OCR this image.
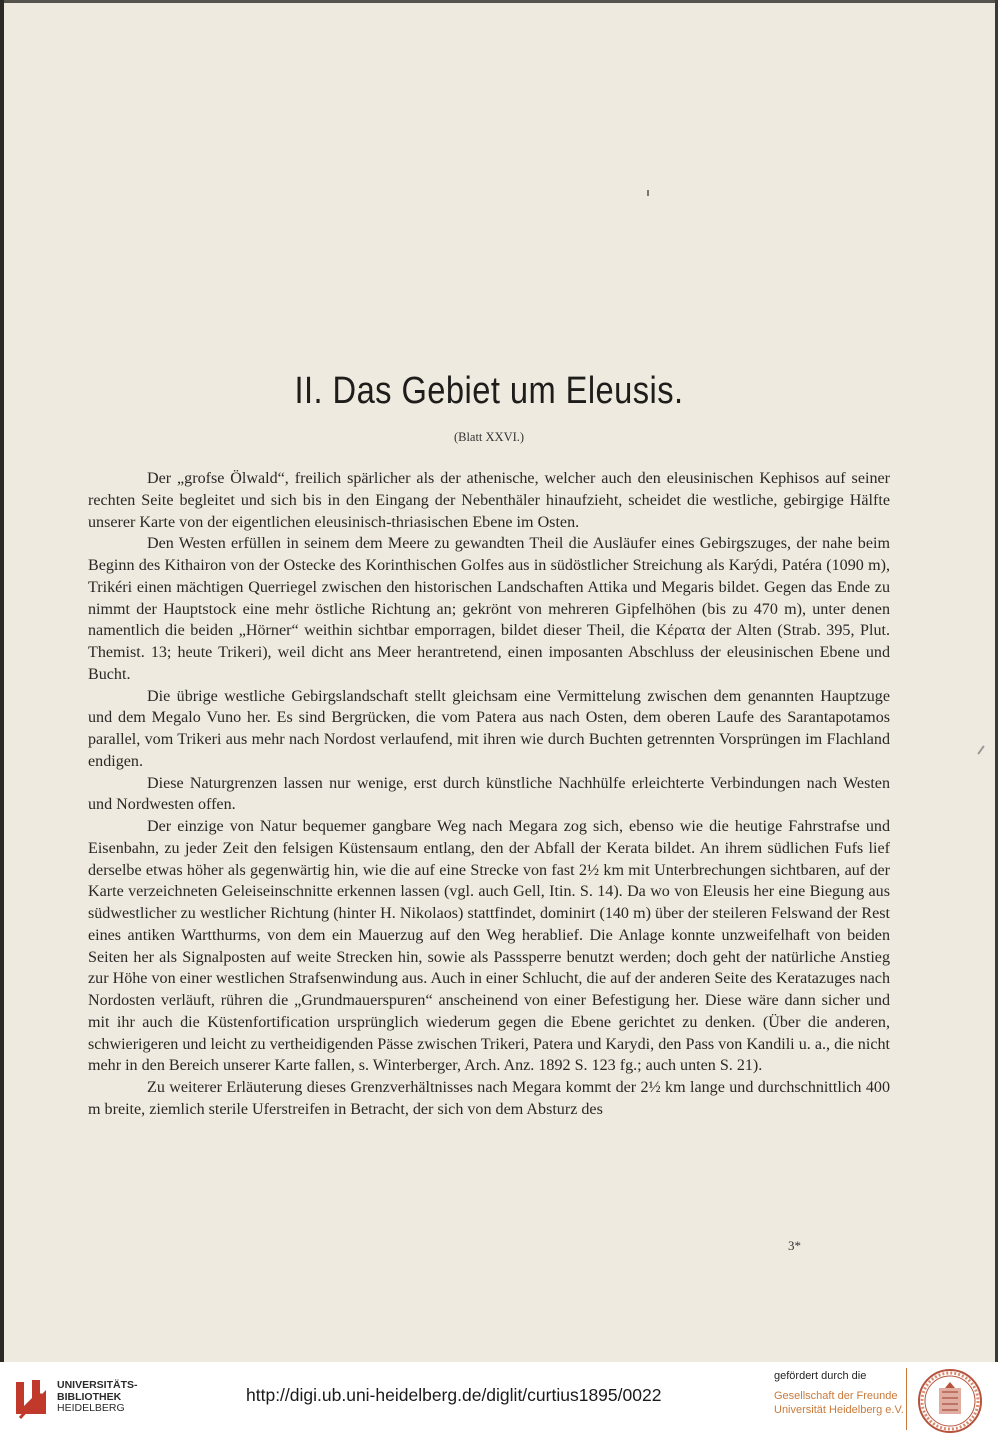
II. Das Gebiet um Eleusis.
(Blatt XXVI.)

Der „grofse Ölwald“, freilich spärlicher als der athenische, welcher auch den eleusinischen Kephisos auf seiner rechten Seite begleitet und sich bis in den Eingang der Nebenthäler hinaufzieht, scheidet die westliche, gebirgige Hälfte unserer Karte von der eigentlichen eleusinisch-thriasischen Ebene im Osten.

Den Westen erfüllen in seinem dem Meere zu gewandten Theil die Ausläufer eines Gebirgszuges, der nahe beim Beginn des Kithairon von der Ostecke des Korinthischen Golfes aus in südöstlicher Streichung als Karýdi, Patéra (1090 m), Trikéri einen mächtigen Querriegel zwischen den historischen Landschaften Attika und Megaris bildet. Gegen das Ende zu nimmt der Hauptstock eine mehr östliche Richtung an; gekrönt von mehreren Gipfelhöhen (bis zu 470 m), unter denen namentlich die beiden „Hörner“ weithin sichtbar emporragen, bildet dieser Theil, die Κέρατα der Alten (Strab. 395, Plut. Themist. 13; heute Trikeri), weil dicht ans Meer herantretend, einen imposanten Abschluss der eleusinischen Ebene und Bucht.

Die übrige westliche Gebirgslandschaft stellt gleichsam eine Vermittelung zwischen dem genannten Hauptzuge und dem Megalo Vuno her. Es sind Bergrücken, die vom Patera aus nach Osten, dem oberen Laufe des Sarantapotamos parallel, vom Trikeri aus mehr nach Nordost verlaufend, mit ihren wie durch Buchten getrennten Vorsprüngen im Flachland endigen.

Diese Naturgrenzen lassen nur wenige, erst durch künstliche Nachhülfe erleichterte Verbindungen nach Westen und Nordwesten offen.

Der einzige von Natur bequemer gangbare Weg nach Megara zog sich, ebenso wie die heutige Fahrstrafse und Eisenbahn, zu jeder Zeit den felsigen Küstensaum entlang, den der Abfall der Kerata bildet. An ihrem südlichen Fufs lief derselbe etwas höher als gegenwärtig hin, wie die auf eine Strecke von fast 2½ km mit Unterbrechungen sichtbaren, auf der Karte verzeichneten Geleiseinschnitte erkennen lassen (vgl. auch Gell, Itin. S. 14). Da wo von Eleusis her eine Biegung aus südwestlicher zu westlicher Richtung (hinter H. Nikolaos) stattfindet, dominirt (140 m) über der steileren Felswand der Rest eines antiken Wartthurms, von dem ein Mauerzug auf den Weg herablief. Die Anlage konnte unzweifelhaft von beiden Seiten her als Signalposten auf weite Strecken hin, sowie als Passsperre benutzt werden; doch geht der natürliche Anstieg zur Höhe von einer westlichen Strafsenwindung aus. Auch in einer Schlucht, die auf der anderen Seite des Keratazuges nach Nordosten verläuft, rühren die „Grundmauerspuren“ anscheinend von einer Befestigung her. Diese wäre dann sicher und mit ihr auch die Küstenfortification ursprünglich wiederum gegen die Ebene gerichtet zu denken. (Über die anderen, schwierigeren und leicht zu vertheidigenden Pässe zwischen Trikeri, Patera und Karydi, den Pass von Kandili u. a., die nicht mehr in den Bereich unserer Karte fallen, s. Winterberger, Arch. Anz. 1892 S. 123 fg.; auch unten S. 21).

Zu weiterer Erläuterung dieses Grenzverhältnisses nach Megara kommt der 2½ km lange und durchschnittlich 400 m breite, ziemlich sterile Uferstreifen in Betracht, der sich von dem Absturz des

3*
UNIVERSITÄTS-
BIBLIOTHEK
HEIDELBERG
http://digi.ub.uni-heidelberg.de/diglit/curtius1895/0022
gefördert durch die
Gesellschaft der Freunde
Universität Heidelberg e.V.
